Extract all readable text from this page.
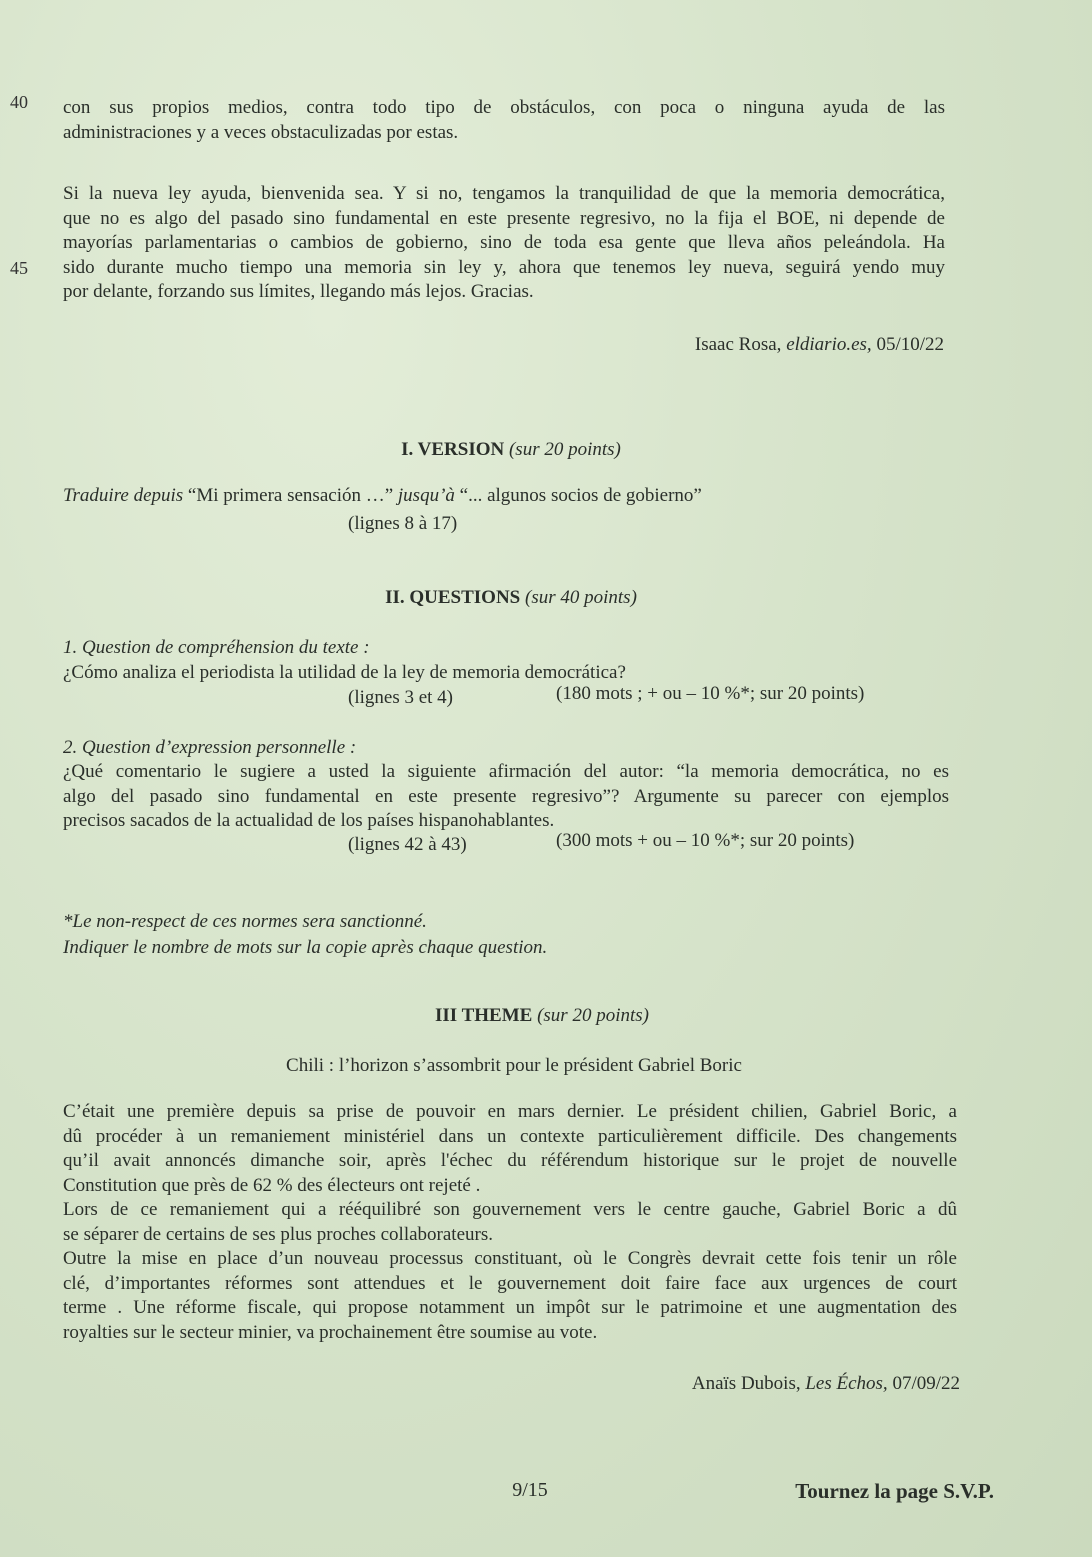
40
45
con sus propios medios, contra todo tipo de obstáculos, con poca o ninguna ayuda de las
administraciones y a veces obstaculizadas por estas.
Si la nueva ley ayuda, bienvenida sea. Y si no, tengamos la tranquilidad de que la memoria democrática,
que no es algo del pasado sino fundamental en este presente regresivo, no la fija el BOE, ni depende de
mayorías parlamentarias o cambios de gobierno, sino de toda esa gente que lleva años peleándola. Ha
sido durante mucho tiempo una memoria sin ley y, ahora que tenemos ley nueva, seguirá yendo muy
por delante, forzando sus límites, llegando más lejos. Gracias.
Isaac Rosa, eldiario.es, 05/10/22
I. VERSION (sur 20 points)
Traduire depuis “Mi primera sensación …” jusqu’à “... algunos socios de gobierno”
(lignes 8 à 17)
II. QUESTIONS (sur 40 points)
1. Question de compréhension du texte :
¿Cómo analiza el periodista la utilidad de la ley de memoria democrática?
(lignes 3 et 4)	(180 mots ; + ou – 10 %*; sur 20 points)
2. Question d’expression personnelle :
¿Qué comentario le sugiere a usted la siguiente afirmación del autor: “la memoria democrática, no es
algo del pasado sino fundamental en este presente regresivo”? Argumente su parecer con ejemplos
precisos sacados de la actualidad de los países hispanohablantes.
(lignes 42 à 43)	(300 mots + ou – 10 %*; sur 20 points)
*Le non-respect de ces normes sera sanctionné.
Indiquer le nombre de mots sur la copie après chaque question.
III THEME (sur 20 points)
Chili : l’horizon s’assombrit pour le président Gabriel Boric
C’était une première depuis sa prise de pouvoir en mars dernier. Le président chilien, Gabriel Boric, a
dû procéder à un remaniement ministériel dans un contexte particulièrement difficile. Des changements
qu’il avait annoncés dimanche soir, après l'échec du référendum historique sur le projet de nouvelle
Constitution que près de 62 % des électeurs ont rejeté .
Lors de ce remaniement qui a rééquilibré son gouvernement vers le centre gauche, Gabriel Boric a dû
se séparer de certains de ses plus proches collaborateurs.
Outre la mise en place d’un nouveau processus constituant, où le Congrès devrait cette fois tenir un rôle
clé, d’importantes réformes sont attendues et le gouvernement doit faire face aux urgences de court
terme . Une réforme fiscale, qui propose notamment un impôt sur le patrimoine et une augmentation des
royalties sur le secteur minier, va prochainement être soumise au vote.
Anaïs Dubois, Les Échos, 07/09/22
9/15	Tournez la page S.V.P.
